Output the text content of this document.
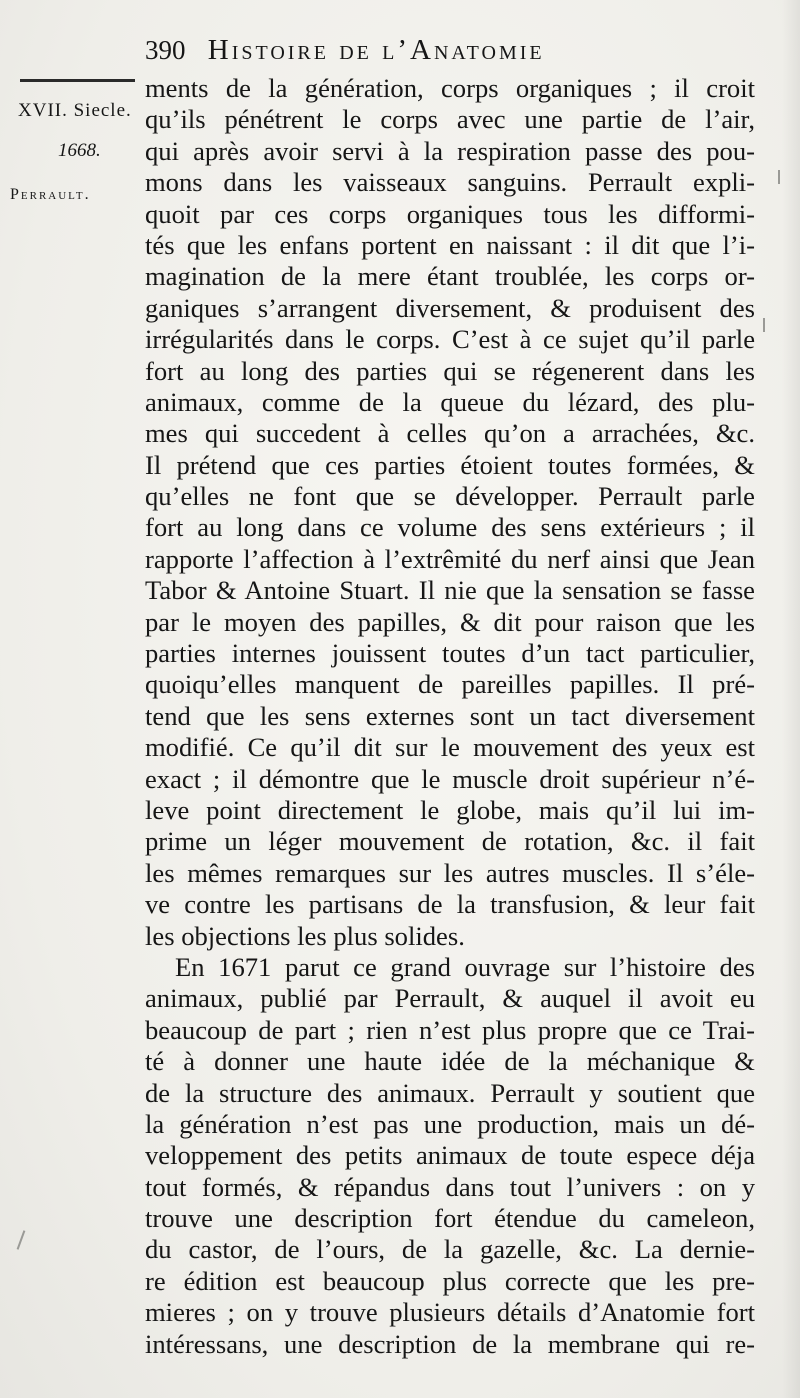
390 Histoire de l’Anatomie
XVII. Siecle.
1668.
Perrault.
ments de la génération, corps organiques ; il croit
qu’ils pénétrent le corps avec une partie de l’air,
qui après avoir servi à la respiration passe des pou-
mons dans les vaisseaux sanguins. Perrault expli-
quoit par ces corps organiques tous les difformi-
tés que les enfans portent en naissant : il dit que l’i-
magination de la mere étant troublée, les corps or-
ganiques s’arrangent diversement, & produisent des
irrégularités dans le corps. C’est à ce sujet qu’il parle
fort au long des parties qui se régenerent dans les
animaux, comme de la queue du lézard, des plu-
mes qui succedent à celles qu’on a arrachées, &c.
Il prétend que ces parties étoient toutes formées, &
qu’elles ne font que se développer. Perrault parle
fort au long dans ce volume des sens extérieurs ; il
rapporte l’affection à l’extrêmité du nerf ainsi que Jean
Tabor & Antoine Stuart. Il nie que la sensation se fasse
par le moyen des papilles, & dit pour raison que les
parties internes jouissent toutes d’un tact particulier,
quoiqu’elles manquent de pareilles papilles. Il pré-
tend que les sens externes sont un tact diversement
modifié. Ce qu’il dit sur le mouvement des yeux est
exact ; il démontre que le muscle droit supérieur n’é-
leve point directement le globe, mais qu’il lui im-
prime un léger mouvement de rotation, &c. il fait
les mêmes remarques sur les autres muscles. Il s’éle-
ve contre les partisans de la transfusion, & leur fait
les objections les plus solides.
En 1671 parut ce grand ouvrage sur l’histoire des
animaux, publié par Perrault, & auquel il avoit eu
beaucoup de part ; rien n’est plus propre que ce Trai-
té à donner une haute idée de la méchanique &
de la structure des animaux. Perrault y soutient que
la génération n’est pas une production, mais un dé-
veloppement des petits animaux de toute espece déja
tout formés, & répandus dans tout l’univers : on y
trouve une description fort étendue du cameleon,
du castor, de l’ours, de la gazelle, &c. La dernie-
re édition est beaucoup plus correcte que les pre-
mieres ; on y trouve plusieurs détails d’Anatomie fort
intéressans, une description de la membrane qui re-
